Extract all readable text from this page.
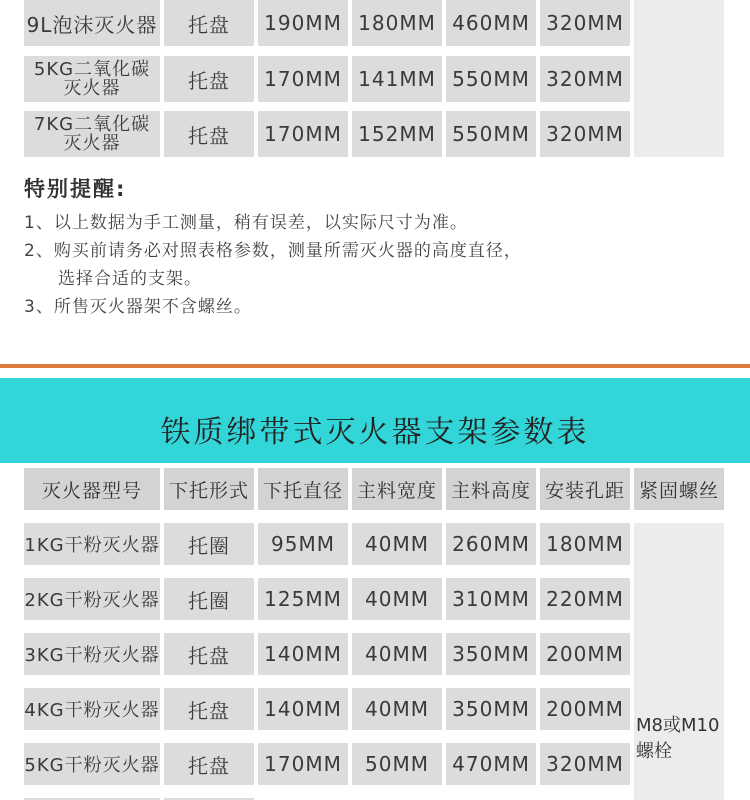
9L泡沫灭火器	托盘	190MM 180MM 460MM 320MM
5KG二氧化碳
灭火器	托盘	170MM 141MM 550MM 320MM
7KG二氧化碳
灭火器	托盘	170MM 152MM 550MM 320MM
特别提醒:
1、以上数据为手工测量，稍有误差，以实际尺寸为准。
2、购买前请务必对照表格参数，测量所需灭火器的高度直径，
选择合适的支架。
3、所售灭火器架不含螺丝。
铁质绑带式灭火器支架参数表
灭火器型号	下托形式 下托直径 主料宽度 主料高度 安装孔距 紧固螺丝
1KG干粉灭火器	托圈	95MM	40MM	260MM 180MM
2KG干粉灭火器	托圈	125MM	40MM	310MM 220MM
3KG干粉灭火器	托盘	140MM	40MM	350MM 200MM
4KG干粉灭火器	托盘	140MM	40MM	350MM 200MM
5KG干粉灭火器	托盘	170MM	50MM	470MM 320MM
M8或M10
螺栓
